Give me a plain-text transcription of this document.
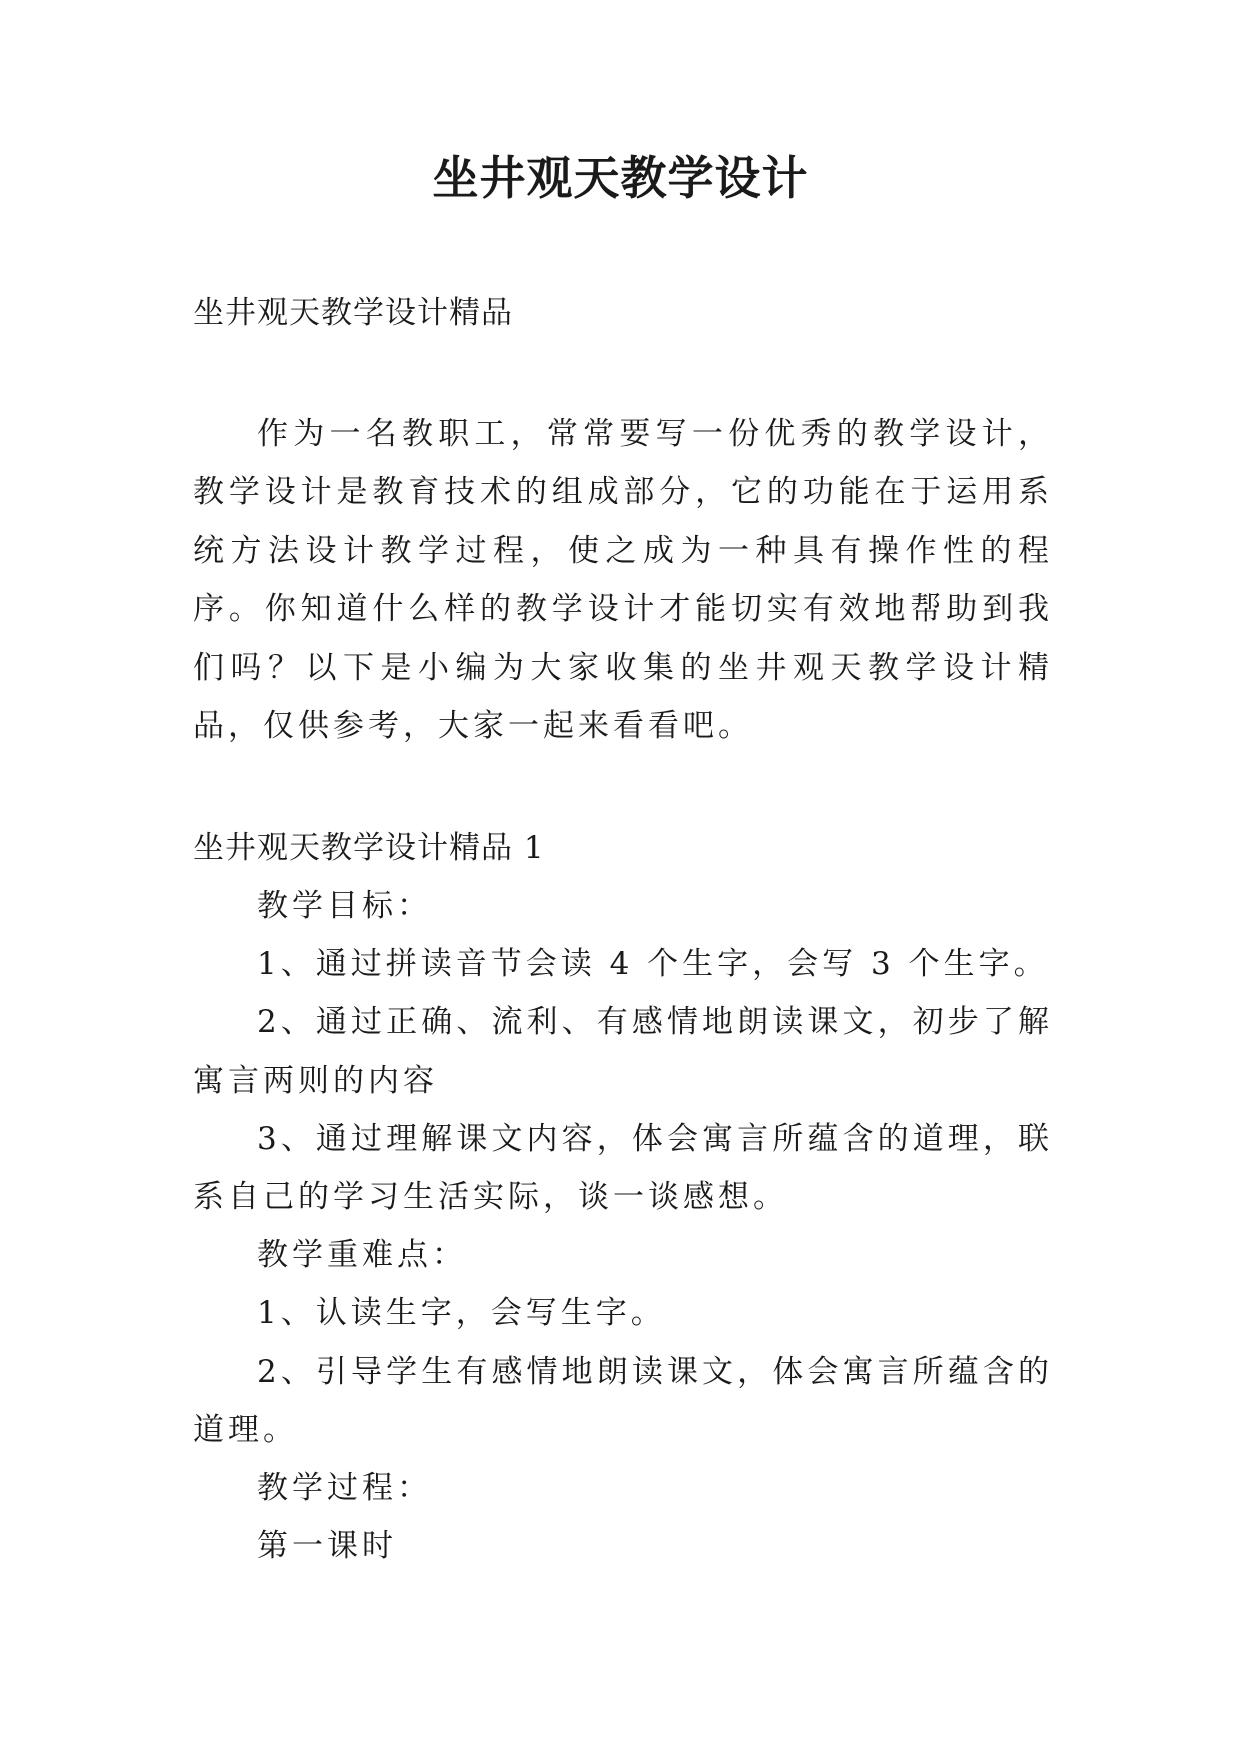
坐井观天教学设计
坐井观天教学设计精品

作为一名教职工，常常要写一份优秀的教学设计，教学设计是教育技术的组成部分，它的功能在于运用系统方法设计教学过程，使之成为一种具有操作性的程序。你知道什么样的教学设计才能切实有效地帮助到我们吗？以下是小编为大家收集的坐井观天教学设计精品，仅供参考，大家一起来看看吧。

坐井观天教学设计精品 1

教学目标：

1、通过拼读音节会读 4 个生字，会写 3 个生字。

2、通过正确、流利、有感情地朗读课文，初步了解寓言两则的内容

3、通过理解课文内容，体会寓言所蕴含的道理，联系自己的学习生活实际，谈一谈感想。

教学重难点：

1、认读生字，会写生字。

2、引导学生有感情地朗读课文，体会寓言所蕴含的道理。

教学过程：

第一课时
